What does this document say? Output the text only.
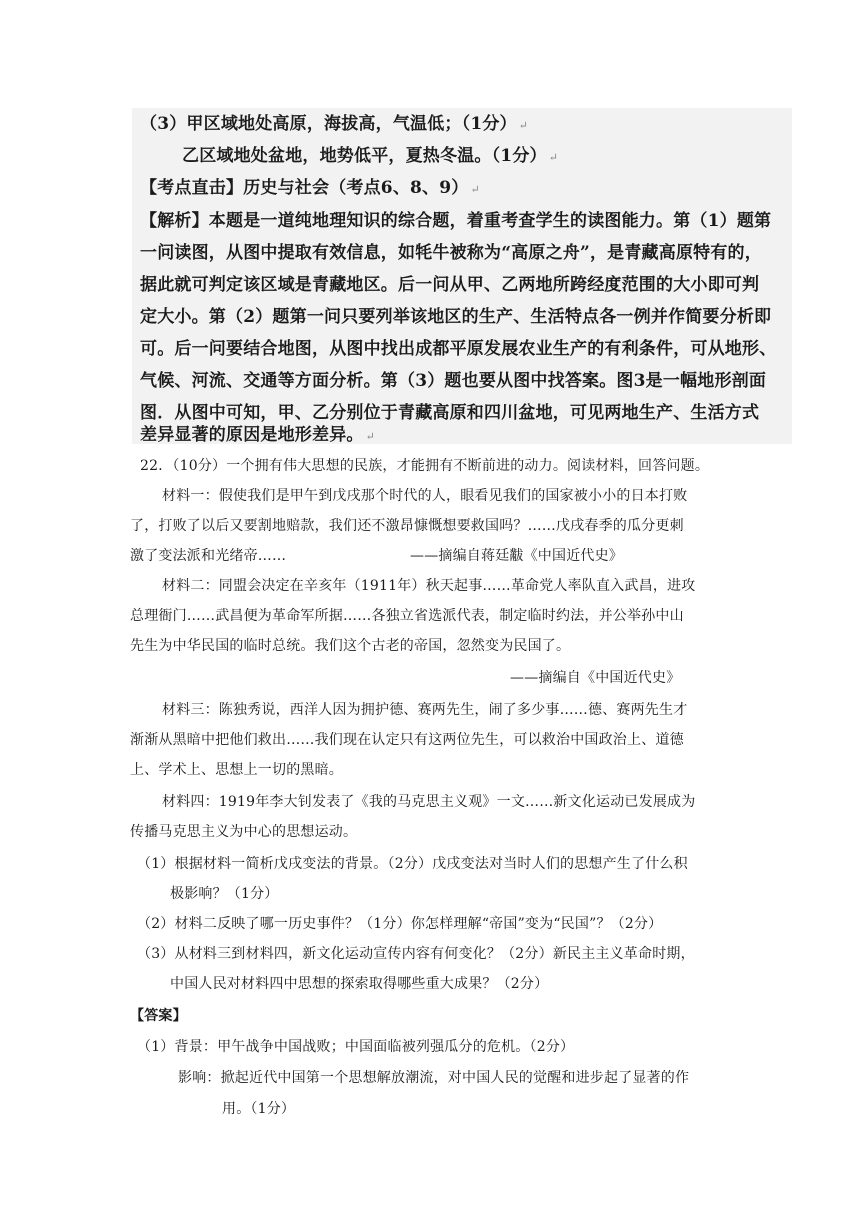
（3）甲区域地处高原，海拔高，气温低；（1分） ↵
乙区域地处盆地，地势低平，夏热冬温。（1分） ↵
【考点直击】历史与社会（考点6、8、9） ↵
【解析】本题是一道纯地理知识的综合题，着重考查学生的读图能力。第（1）题第
一问读图，从图中提取有效信息，如牦牛被称为“高原之舟”，是青藏高原特有的，
据此就可判定该区域是青藏地区。后一问从甲、乙两地所跨经度范围的大小即可判
定大小。第（2）题第一问只要列举该地区的生产、生活特点各一例并作简要分析即
可。后一问要结合地图，从图中找出成都平原发展农业生产的有利条件，可从地形、
气候、河流、交通等方面分析。第（3）题也要从图中找答案。图3是一幅地形剖面
图．从图中可知，甲、乙分别位于青藏高原和四川盆地，可见两地生产、生活方式
差异显著的原因是地形差异。 ↵
22．（10分）一个拥有伟大思想的民族，才能拥有不断前进的动力。阅读材料，回答问题。
材料一：假使我们是甲午到戊戌那个时代的人，眼看见我们的国家被小小的日本打败
了，打败了以后又要割地赔款，我们还不激昂慷慨想要救国吗？……戊戌春季的瓜分更刺
激了变法派和光绪帝……	——摘编自蒋廷黻《中国近代史》
材料二：同盟会决定在辛亥年（1911年）秋天起事……革命党人率队直入武昌，进攻
总理衙门……武昌便为革命军所据……各独立省选派代表，制定临时约法，并公举孙中山
先生为中华民国的临时总统。我们这个古老的帝国，忽然变为民国了。
——摘编自《中国近代史》
材料三：陈独秀说，西洋人因为拥护德、赛两先生，闹了多少事……德、赛两先生才
渐渐从黑暗中把他们救出……我们现在认定只有这两位先生，可以救治中国政治上、道德
上、学术上、思想上一切的黑暗。
材料四：1919年李大钊发表了《我的马克思主义观》一文……新文化运动已发展成为
传播马克思主义为中心的思想运动。
（1）根据材料一简析戊戌变法的背景。（2分）戊戌变法对当时人们的思想产生了什么积
极影响？（1分）
（2）材料二反映了哪一历史事件？（1分）你怎样理解“帝国”变为“民国”？（2分）
（3）从材料三到材料四，新文化运动宣传内容有何变化？（2分）新民主主义革命时期，
中国人民对材料四中思想的探索取得哪些重大成果？（2分）
【答案】
（1）背景：甲午战争中国战败；中国面临被列强瓜分的危机。（2分）
影响：掀起近代中国第一个思想解放潮流，对中国人民的觉醒和进步起了显著的作
用。（1分）
